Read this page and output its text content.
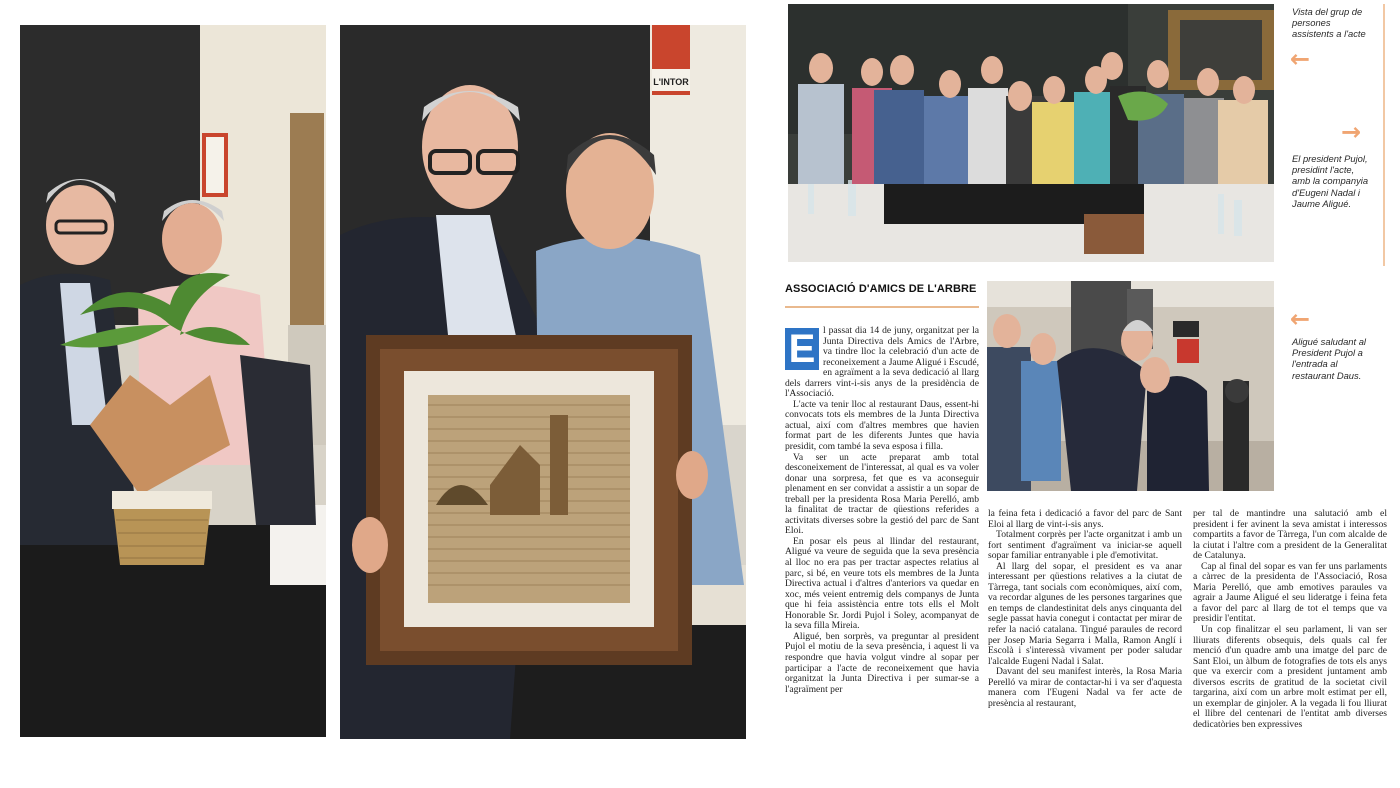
L'INTOR
Vista del grup de persones assistents a l'acte
←
→
El president Pujol, presidint l'acte, amb la companyia d'Eugeni Nadal i Jaume Aligué.
←
Aligué saludant al President Pujol a l'entrada al restaurant Daus.
ASSOCIACIÓ D'AMICS DE L'ARBRE
E l passat dia 14 de juny, organitzat per la Junta Directiva dels Amics de l'Arbre, va tindre lloc la celebració d'un acte de reconeixement a Jaume Aligué i Escudé, en agraïment a la seva dedicació al llarg dels darrers vint-i-sis anys de la presidència de l'Associació.

L'acte va tenir lloc al restaurant Daus, essent-hi convocats tots els membres de la Junta Directiva actual, així com d'altres membres que havien format part de les diferents Juntes que havia presidit, com també la seva esposa i filla.

Va ser un acte preparat amb total desconeixement de l'interessat, al qual es va voler donar una sorpresa, fet que es va aconseguir plenament en ser convidat a assistir a un sopar de treball per la presidenta Rosa Maria Perelló, amb la finalitat de tractar de qüestions referides a activitats diverses sobre la gestió del parc de Sant Eloi.

En posar els peus al llindar del restaurant, Aligué va veure de seguida que la seva presència al lloc no era pas per tractar aspectes relatius al parc, si bé, en veure tots els membres de la Junta Directiva actual i d'altres d'anteriors va quedar en xoc, més veient entremig dels companys de Junta que hi feia assistència entre tots ells el Molt Honorable Sr. Jordi Pujol i Soley, acompanyat de la seva filla Mireia.

Aligué, ben sorprès, va preguntar al president Pujol el motiu de la seva presència, i aquest li va respondre que havia volgut vindre al sopar per participar a l'acte de reconeixement que havia organitzat la Junta Directiva i per sumar-se a l'agraïment per

la feina feta i dedicació a favor del parc de Sant Eloi al llarg de vint-i-sis anys.

Totalment corprès per l'acte organitzat i amb un fort sentiment d'agraïment va iniciar-se aquell sopar familiar entranyable i ple d'emotivitat.

Al llarg del sopar, el president es va anar interessant per qüestions relatives a la ciutat de Tàrrega, tant socials com econòmiques, així com, va recordar algunes de les persones targarines que en temps de clandestinitat dels anys cinquanta del segle passat havia conegut i contactat per mirar de refer la nació catalana. Tingué paraules de record per Josep Maria Segarra i Malla, Ramon Anglí i Escolà i s'interessà vivament per poder saludar l'alcalde Eugeni Nadal i Salat.

Davant del seu manifest interès, la Rosa Maria Perelló va mirar de contactar-hi i va ser d'aquesta manera com l'Eugeni Nadal va fer acte de presència al restaurant,

per tal de mantindre una salutació amb el president i fer avinent la seva amistat i interessos compartits a favor de Tàrrega, l'un com alcalde de la ciutat i l'altre com a president de la Generalitat de Catalunya.

Cap al final del sopar es van fer uns parlaments a càrrec de la presidenta de l'Associació, Rosa Maria Perelló, que amb emotives paraules va agrair a Jaume Aligué el seu lideratge i feina feta a favor del parc al llarg de tot el temps que va presidir l'entitat.

Un cop finalitzar el seu parlament, li van ser lliurats diferents obsequis, dels quals cal fer menció d'un quadre amb una imatge del parc de Sant Eloi, un àlbum de fotografies de tots els anys que va exercir com a president juntament amb diversos escrits de gratitud de la societat civil targarina, així com un arbre molt estimat per ell, un exemplar de ginjoler. A la vegada li fou lliurat el llibre del centenari de l'entitat amb diverses dedicatòries ben expressives
